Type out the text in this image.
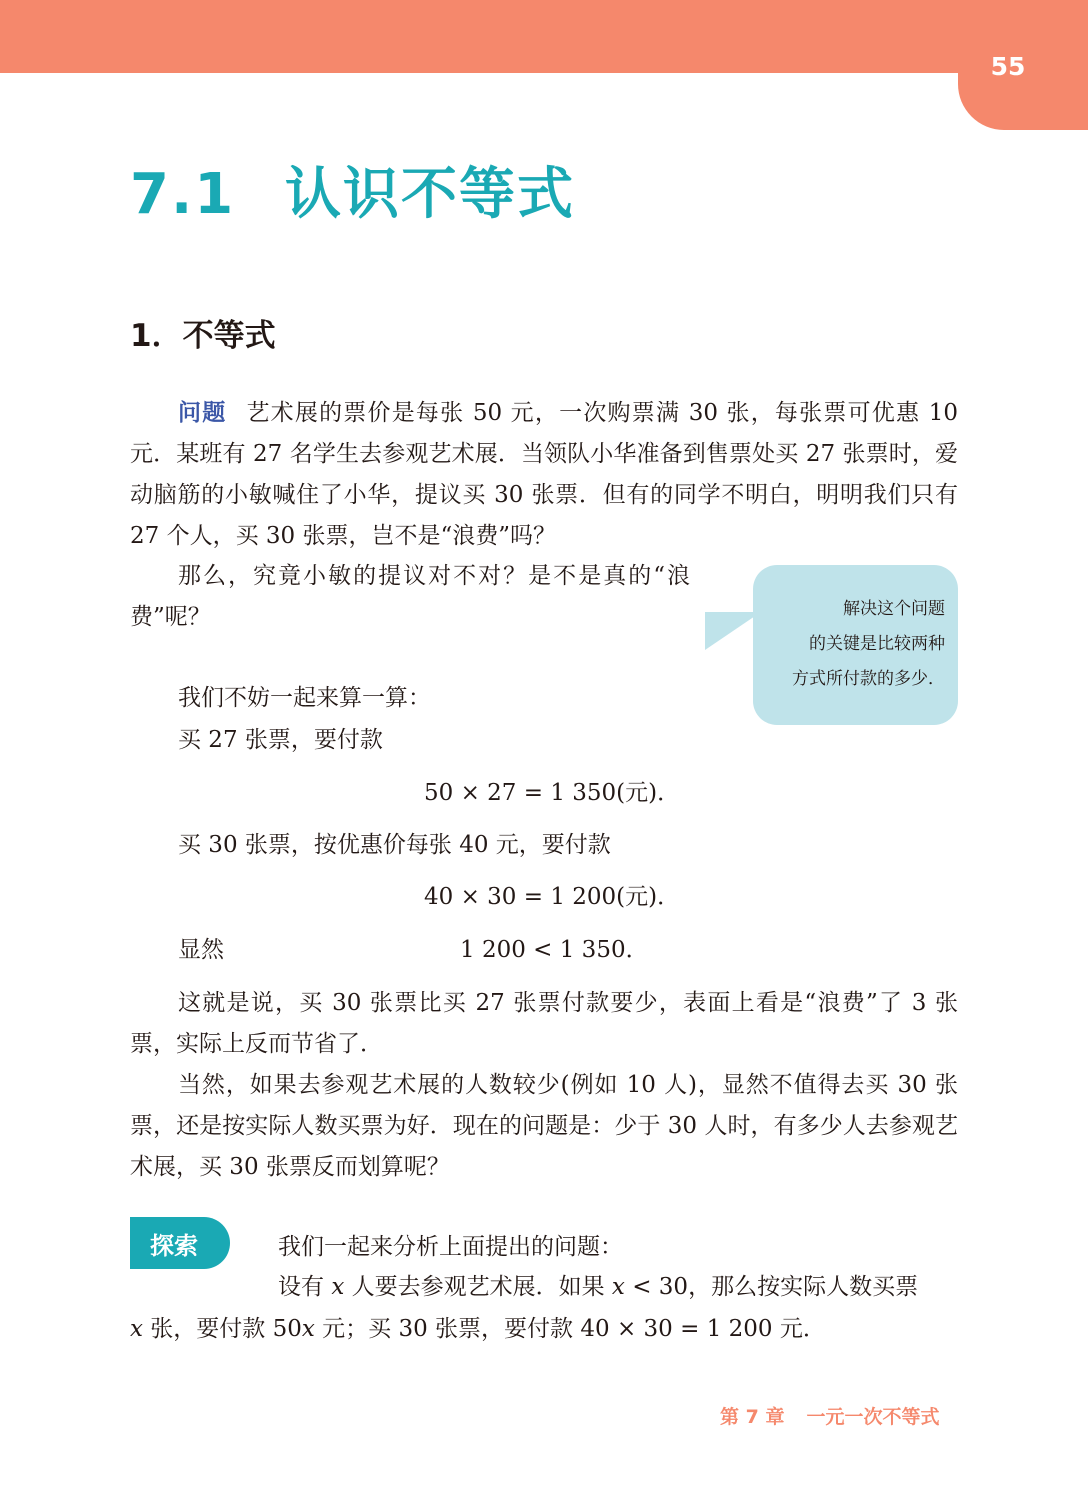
55
7.1 认识不等式
1．不等式

问题 艺术展的票价是每张 50 元，一次购票满 30 张，每张票可优惠 10 元．某班有 27 名学生去参观艺术展．当领队小华准备到售票处买 27 张票时，爱动脑筋的小敏喊住了小华，提议买 30 张票．但有的同学不明白，明明我们只有 27 个人，买 30 张票，岂不是“浪费”吗？

那么，究竟小敏的提议对不对？是不是真的“浪费”呢？	解决这个问题
的关键是比较两种
方式所付款的多少．
我们不妨一起来算一算：
买 27 张票，要付款
50 × 27 = 1 350(元)．
买 30 张票，按优惠价每张 40 元，要付款
40 × 30 = 1 200(元)．
显然	1 200 < 1 350．

这就是说，买 30 张票比买 27 张票付款要少，表面上看是“浪费”了 3 张票，实际上反而节省了．

当然，如果去参观艺术展的人数较少(例如 10 人)，显然不值得去买 30 张票，还是按实际人数买票为好．现在的问题是：少于 30 人时，有多少人去参观艺术展，买 30 张票反而划算呢？

探索	我们一起来分析上面提出的问题：
设有 x 人要去参观艺术展．如果 x < 30，那么按实际人数买票
x 张，要付款 50x 元；买 30 张票，要付款 40 × 30 = 1 200 元．
第 7 章 一元一次不等式
